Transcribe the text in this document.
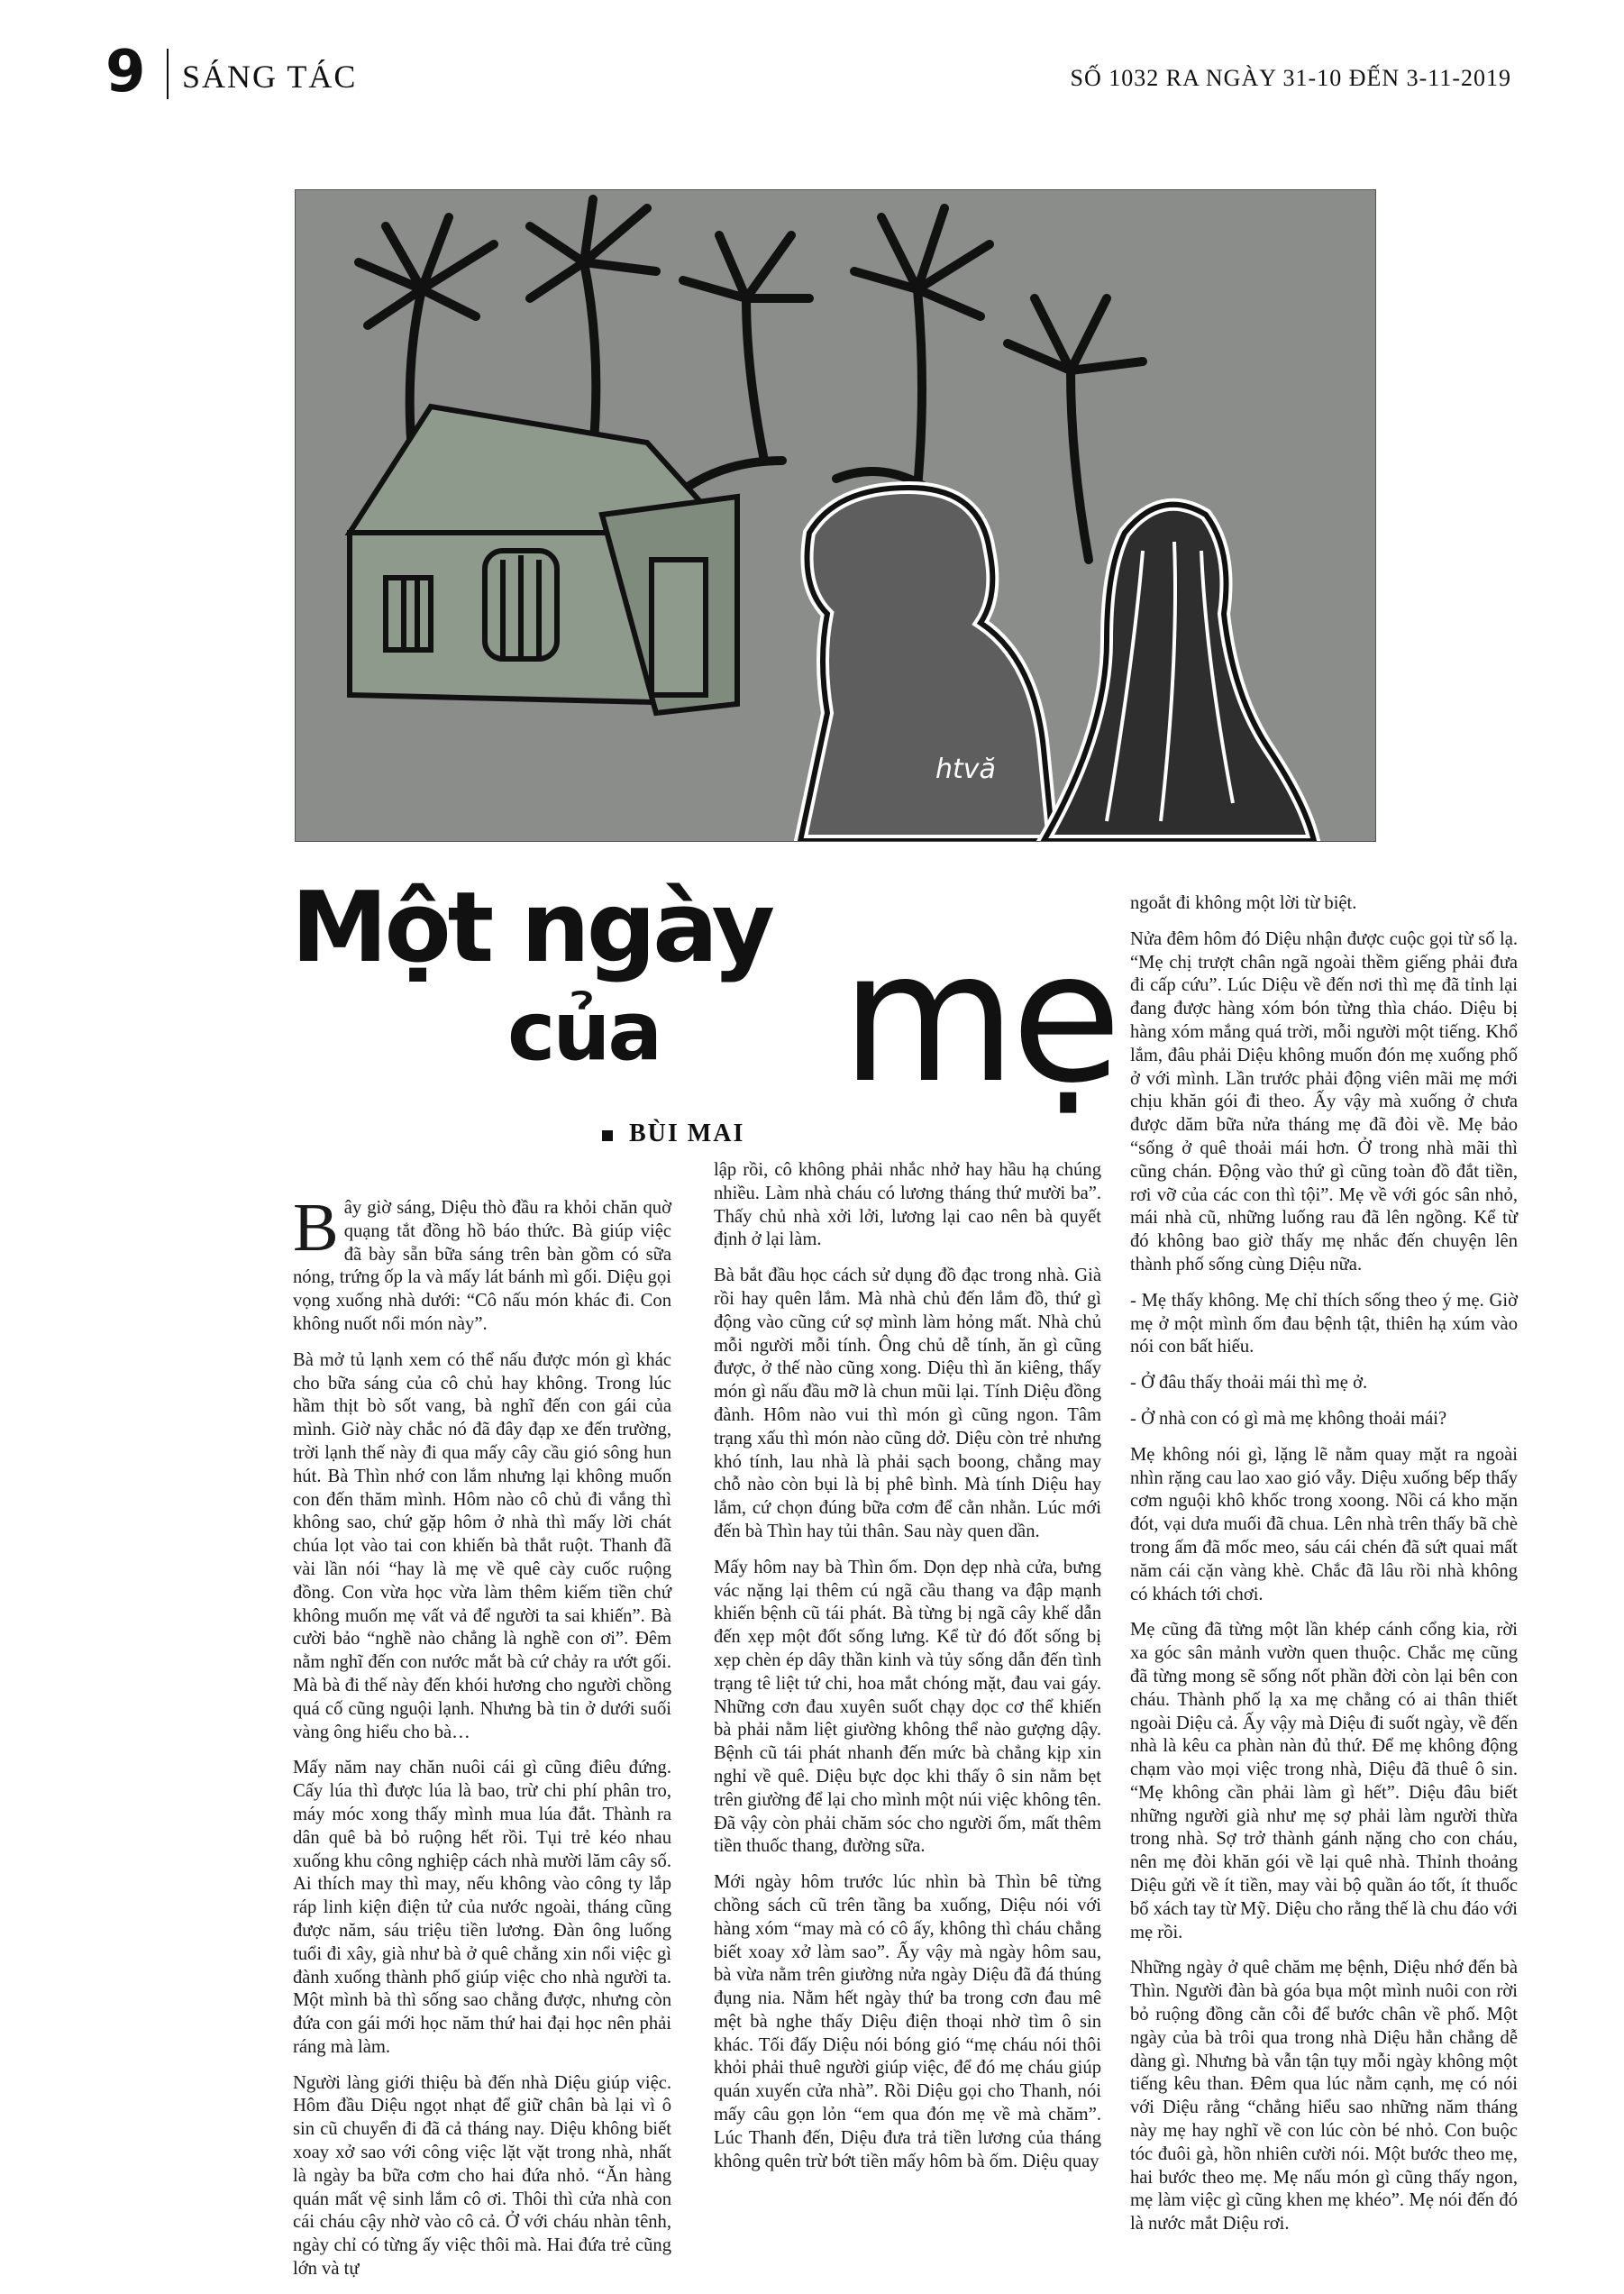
9 SÁNG TÁC	SỐ 1032 RA NGÀY 31-10 ĐẾN 3-11-2019
htvă
Một ngày
của mẹ
BÙI MAI

Bây giờ sáng, Diệu thò đầu ra khỏi chăn quờ quạng tắt đồng hồ báo thức. Bà giúp việc đã bày sẵn bữa sáng trên bàn gồm có sữa nóng, trứng ốp la và mấy lát bánh mì gối. Diệu gọi vọng xuống nhà dưới: “Cô nấu món khác đi. Con không nuốt nổi món này”.

Bà mở tủ lạnh xem có thể nấu được món gì khác cho bữa sáng của cô chủ hay không. Trong lúc hầm thịt bò sốt vang, bà nghĩ đến con gái của mình. Giờ này chắc nó đã đây đạp xe đến trường, trời lạnh thế này đi qua mấy cây cầu gió sông hun hút. Bà Thìn nhớ con lắm nhưng lại không muốn con đến thăm mình. Hôm nào cô chủ đi vắng thì không sao, chứ gặp hôm ở nhà thì mấy lời chát chúa lọt vào tai con khiến bà thắt ruột. Thanh đã vài lần nói “hay là mẹ về quê cày cuốc ruộng đồng. Con vừa học vừa làm thêm kiếm tiền chứ không muốn mẹ vất vả để người ta sai khiến”. Bà cười bảo “nghề nào chẳng là nghề con ơi”. Đêm nằm nghĩ đến con nước mắt bà cứ chảy ra ướt gối. Mà bà đi thế này đến khói hương cho người chồng quá cố cũng nguội lạnh. Nhưng bà tin ở dưới suối vàng ông hiểu cho bà…

Mấy năm nay chăn nuôi cái gì cũng điêu đứng. Cấy lúa thì được lúa là bao, trừ chi phí phân tro, máy móc xong thấy mình mua lúa đắt. Thành ra dân quê bà bỏ ruộng hết rồi. Tụi trẻ kéo nhau xuống khu công nghiệp cách nhà mười lăm cây số. Ai thích may thì may, nếu không vào công ty lắp ráp linh kiện điện tử của nước ngoài, tháng cũng được năm, sáu triệu tiền lương. Đàn ông luống tuổi đi xây, già như bà ở quê chẳng xin nổi việc gì đành xuống thành phố giúp việc cho nhà người ta. Một mình bà thì sống sao chẳng được, nhưng còn đứa con gái mới học năm thứ hai đại học nên phải ráng mà làm.

Người làng giới thiệu bà đến nhà Diệu giúp việc. Hôm đầu Diệu ngọt nhạt để giữ chân bà lại vì ô sin cũ chuyển đi đã cả tháng nay. Diệu không biết xoay xở sao với công việc lặt vặt trong nhà, nhất là ngày ba bữa cơm cho hai đứa nhỏ. “Ăn hàng quán mất vệ sinh lắm cô ơi. Thôi thì cửa nhà con cái cháu cậy nhờ vào cô cả. Ở với cháu nhàn tênh, ngày chỉ có từng ấy việc thôi mà. Hai đứa trẻ cũng lớn và tự

lập rồi, cô không phải nhắc nhở hay hầu hạ chúng nhiều. Làm nhà cháu có lương tháng thứ mười ba”. Thấy chủ nhà xởi lởi, lương lại cao nên bà quyết định ở lại làm.

Bà bắt đầu học cách sử dụng đồ đạc trong nhà. Già rồi hay quên lắm. Mà nhà chủ đến lắm đồ, thứ gì động vào cũng cứ sợ mình làm hỏng mất. Nhà chủ mỗi người mỗi tính. Ông chủ dễ tính, ăn gì cũng được, ở thế nào cũng xong. Diệu thì ăn kiêng, thấy món gì nấu đầu mỡ là chun mũi lại. Tính Diệu đồng đành. Hôm nào vui thì món gì cũng ngon. Tâm trạng xấu thì món nào cũng dở. Diệu còn trẻ nhưng khó tính, lau nhà là phải sạch boong, chẳng may chỗ nào còn bụi là bị phê bình. Mà tính Diệu hay lắm, cứ chọn đúng bữa cơm để cằn nhằn. Lúc mới đến bà Thìn hay tủi thân. Sau này quen dần.

Mấy hôm nay bà Thìn ốm. Dọn dẹp nhà cửa, bưng vác nặng lại thêm cú ngã cầu thang va đập mạnh khiến bệnh cũ tái phát. Bà từng bị ngã cây khế dẫn đến xẹp một đốt sống lưng. Kể từ đó đốt sống bị xẹp chèn ép dây thần kinh và tủy sống dẫn đến tình trạng tê liệt tứ chi, hoa mắt chóng mặt, đau vai gáy. Những cơn đau xuyên suốt chạy dọc cơ thể khiến bà phải nằm liệt giường không thể nào gượng dậy. Bệnh cũ tái phát nhanh đến mức bà chẳng kịp xin nghỉ về quê. Diệu bực dọc khi thấy ô sin nằm bẹt trên giường để lại cho mình một núi việc không tên. Đã vậy còn phải chăm sóc cho người ốm, mất thêm tiền thuốc thang, đường sữa.

Mới ngày hôm trước lúc nhìn bà Thìn bê từng chồng sách cũ trên tầng ba xuống, Diệu nói với hàng xóm “may mà có cô ấy, không thì cháu chẳng biết xoay xở làm sao”. Ấy vậy mà ngày hôm sau, bà vừa nằm trên giường nửa ngày Diệu đã đá thúng đụng nia. Nằm hết ngày thứ ba trong cơn đau mê mệt bà nghe thấy Diệu điện thoại nhờ tìm ô sin khác. Tối đấy Diệu nói bóng gió “mẹ cháu nói thôi khỏi phải thuê người giúp việc, để đó mẹ cháu giúp quán xuyến cửa nhà”. Rồi Diệu gọi cho Thanh, nói mấy câu gọn lỏn “em qua đón mẹ về mà chăm”. Lúc Thanh đến, Diệu đưa trả tiền lương của tháng không quên trừ bớt tiền mấy hôm bà ốm. Diệu quay

ngoắt đi không một lời từ biệt.

Nửa đêm hôm đó Diệu nhận được cuộc gọi từ số lạ. “Mẹ chị trượt chân ngã ngoài thềm giếng phải đưa đi cấp cứu”. Lúc Diệu về đến nơi thì mẹ đã tỉnh lại đang được hàng xóm bón từng thìa cháo. Diệu bị hàng xóm mắng quá trời, mỗi người một tiếng. Khổ lắm, đâu phải Diệu không muốn đón mẹ xuống phố ở với mình. Lần trước phải động viên mãi mẹ mới chịu khăn gói đi theo. Ấy vậy mà xuống ở chưa được dăm bữa nửa tháng mẹ đã đòi về. Mẹ bảo “sống ở quê thoải mái hơn. Ở trong nhà mãi thì cũng chán. Động vào thứ gì cũng toàn đồ đắt tiền, rơi vỡ của các con thì tội”. Mẹ về với góc sân nhỏ, mái nhà cũ, những luống rau đã lên ngồng. Kể từ đó không bao giờ thấy mẹ nhắc đến chuyện lên thành phố sống cùng Diệu nữa.

- Mẹ thấy không. Mẹ chỉ thích sống theo ý mẹ. Giờ mẹ ở một mình ốm đau bệnh tật, thiên hạ xúm vào nói con bất hiếu.

- Ở đâu thấy thoải mái thì mẹ ở.

- Ở nhà con có gì mà mẹ không thoải mái?

Mẹ không nói gì, lặng lẽ nằm quay mặt ra ngoài nhìn rặng cau lao xao gió vẫy. Diệu xuống bếp thấy cơm nguội khô khốc trong xoong. Nồi cá kho mặn đót, vại dưa muối đã chua. Lên nhà trên thấy bã chè trong ấm đã mốc meo, sáu cái chén đã sứt quai mất năm cái cặn vàng khè. Chắc đã lâu rồi nhà không có khách tới chơi.

Mẹ cũng đã từng một lần khép cánh cổng kia, rời xa góc sân mảnh vườn quen thuộc. Chắc mẹ cũng đã từng mong sẽ sống nốt phần đời còn lại bên con cháu. Thành phố lạ xa mẹ chẳng có ai thân thiết ngoài Diệu cả. Ấy vậy mà Diệu đi suốt ngày, về đến nhà là kêu ca phàn nàn đủ thứ. Để mẹ không động chạm vào mọi việc trong nhà, Diệu đã thuê ô sin. “Mẹ không cần phải làm gì hết”. Diệu đâu biết những người già như mẹ sợ phải làm người thừa trong nhà. Sợ trở thành gánh nặng cho con cháu, nên mẹ đòi khăn gói về lại quê nhà. Thỉnh thoảng Diệu gửi về ít tiền, may vài bộ quần áo tốt, ít thuốc bổ xách tay từ Mỹ. Diệu cho rằng thế là chu đáo với mẹ rồi.

Những ngày ở quê chăm mẹ bệnh, Diệu nhớ đến bà Thìn. Người đàn bà góa bụa một mình nuôi con rời bỏ ruộng đồng cằn cỗi để bước chân về phố. Một ngày của bà trôi qua trong nhà Diệu hẳn chẳng dễ dàng gì. Nhưng bà vẫn tận tụy mỗi ngày không một tiếng kêu than. Đêm qua lúc nằm cạnh, mẹ có nói với Diệu rằng “chẳng hiểu sao những năm tháng này mẹ hay nghĩ về con lúc còn bé nhỏ. Con buộc tóc đuôi gà, hồn nhiên cười nói. Một bước theo mẹ, hai bước theo mẹ. Mẹ nấu món gì cũng thấy ngon, mẹ làm việc gì cũng khen mẹ khéo”. Mẹ nói đến đó là nước mắt Diệu rơi.
